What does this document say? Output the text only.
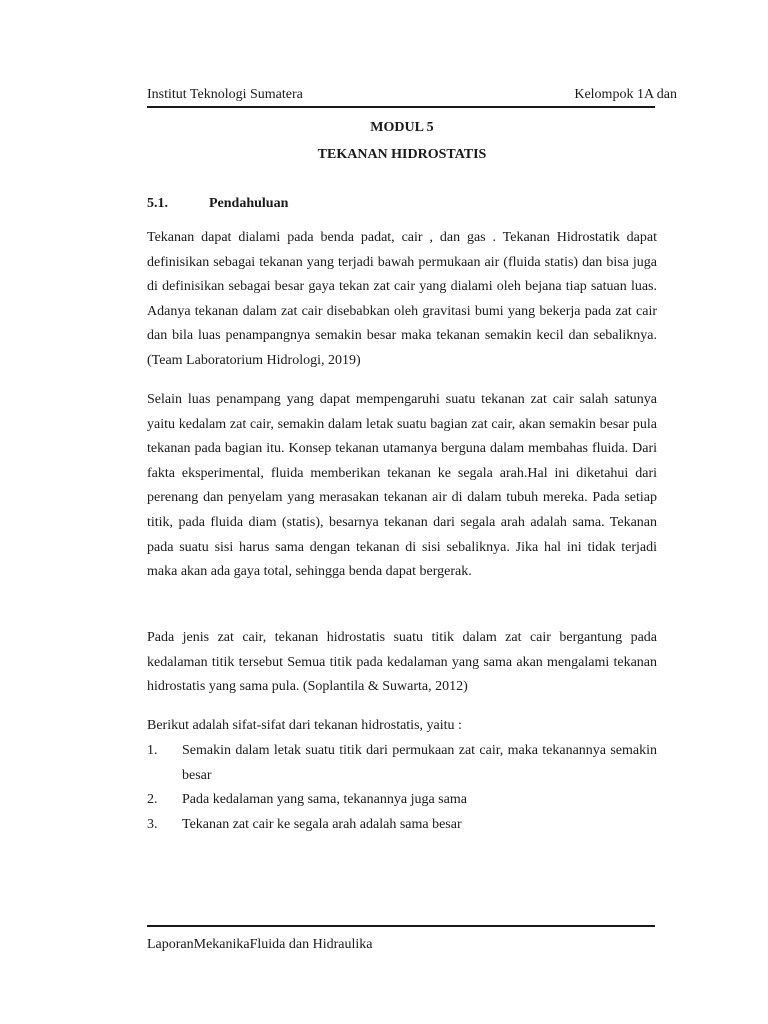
Institut Teknologi Sumatera	Kelompok 1A dan
MODUL 5
TEKANAN HIDROSTATIS
5.1.	Pendahuluan
Tekanan dapat dialami pada benda padat, cair , dan gas . Tekanan Hidrostatik dapat definisikan sebagai tekanan yang terjadi bawah permukaan air (fluida statis) dan bisa juga di definisikan sebagai besar gaya tekan zat cair yang dialami oleh bejana tiap satuan luas. Adanya tekanan dalam zat cair disebabkan oleh gravitasi bumi yang bekerja pada zat cair dan bila luas penampangnya semakin besar maka tekanan semakin kecil dan sebaliknya. (Team Laboratorium Hidrologi, 2019)
Selain luas penampang yang dapat mempengaruhi suatu tekanan zat cair salah satunya yaitu kedalam zat cair, semakin dalam letak suatu bagian zat cair, akan semakin besar pula tekanan pada bagian itu. Konsep tekanan utamanya berguna dalam membahas fluida. Dari fakta eksperimental, fluida memberikan tekanan ke segala arah.Hal ini diketahui dari perenang dan penyelam yang merasakan tekanan air di dalam tubuh mereka. Pada setiap titik, pada fluida diam (statis), besarnya tekanan dari segala arah adalah sama. Tekanan pada suatu sisi harus sama dengan tekanan di sisi sebaliknya. Jika hal ini tidak terjadi maka akan ada gaya total, sehingga benda dapat bergerak.
Pada jenis zat cair, tekanan hidrostatis suatu titik dalam zat cair bergantung pada kedalaman titik tersebut Semua titik pada kedalaman yang sama akan mengalami tekanan hidrostatis yang sama pula. (Soplantila & Suwarta, 2012)
Berikut adalah sifat-sifat dari tekanan hidrostatis, yaitu :
1. Semakin dalam letak suatu titik dari permukaan zat cair, maka tekanannya semakin besar
2. Pada kedalaman yang sama, tekanannya juga sama
3. Tekanan zat cair ke segala arah adalah sama besar
LaporanMekanikaFluida dan Hidraulika
